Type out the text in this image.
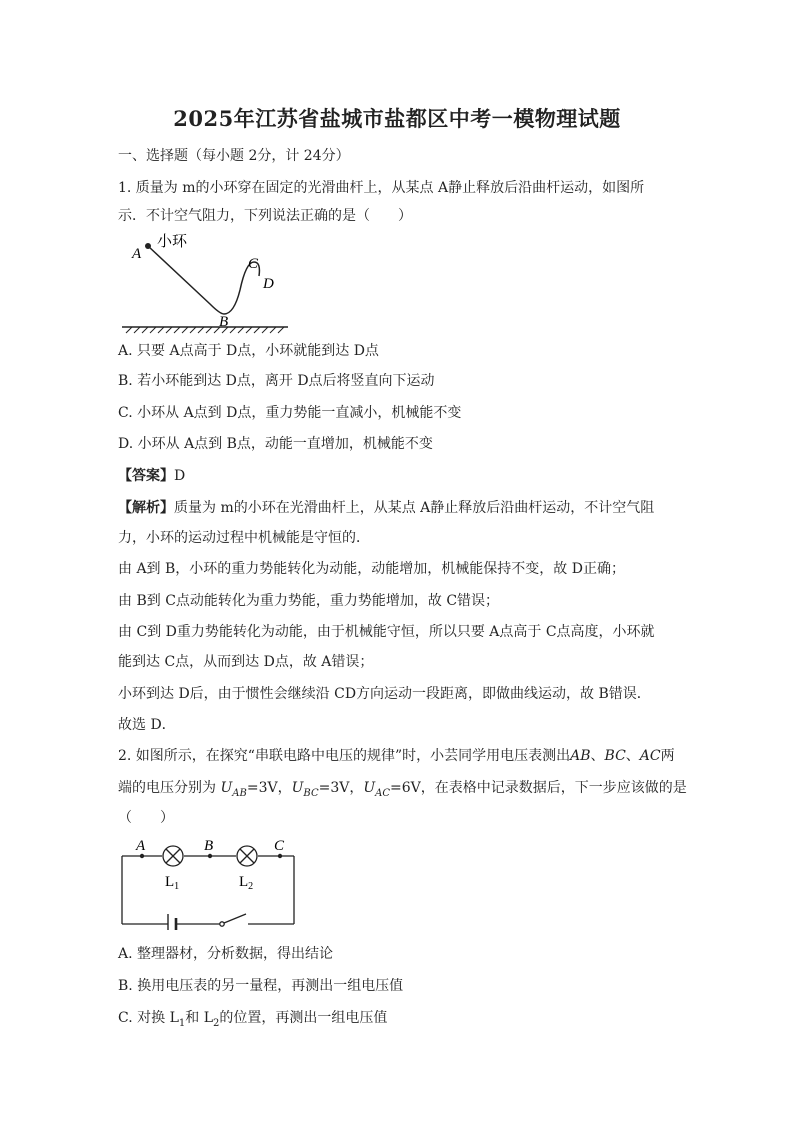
2025年江苏省盐城市盐都区中考一模物理试题
一、选择题（每小题 2分，计 24分）
1. 质量为 m的小环穿在固定的光滑曲杆上，从某点 A静止释放后沿曲杆运动，如图所
示．不计空气阻力，下列说法正确的是（　　）
A
小环
C
D
B
A. 只要 A点高于 D点，小环就能到达 D点
B. 若小环能到达 D点，离开 D点后将竖直向下运动
C. 小环从 A点到 D点，重力势能一直减小，机械能不变
D. 小环从 A点到 B点，动能一直增加，机械能不变
【答案】D
【解析】质量为 m的小环在光滑曲杆上，从某点 A静止释放后沿曲杆运动，不计空气阻
力，小环的运动过程中机械能是守恒的．
由 A到 B，小环的重力势能转化为动能，动能增加，机械能保持不变，故 D正确；
由 B到 C点动能转化为重力势能，重力势能增加，故 C错误；
由 C到 D重力势能转化为动能，由于机械能守恒，所以只要 A点高于 C点高度，小环就
能到达 C点，从而到达 D点，故 A错误；
小环到达 D后，由于惯性会继续沿 CD方向运动一段距离，即做曲线运动，故 B错误．
故选 D．
2. 如图所示，在探究“串联电路中电压的规律”时，小芸同学用电压表测出AB、BC、AC两
端的电压分别为 $U_{AB}=3V$，$U_{BC}=3V$，$U_{AC}=6V$，在表格中记录数据后，下一步应该做的是
（　　）
A	B	C
$L_1$	$L_2$
A. 整理器材，分析数据，得出结论
B. 换用电压表的另一量程，再测出一组电压值
C. 对换 $L_1$和 $L_2$的位置，再测出一组电压值
